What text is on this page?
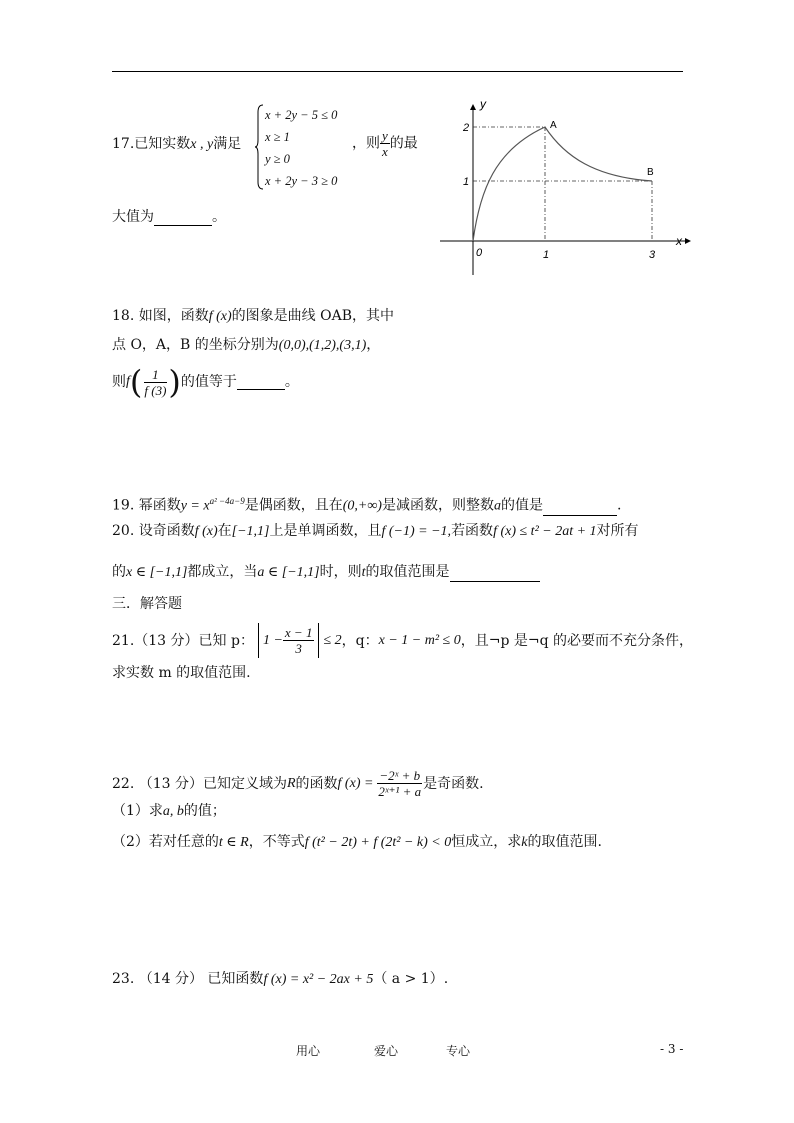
17.已知实数x , y满足
x + 2y − 5 ≤ 0
x ≥ 1
y ≥ 0
x + 2y − 3 ≥ 0
，则 $\frac{y}{x}$ 的最
大值为	。
y
x
0	1	3
2
1
A
B
18. 如图，函数f (x)的图象是曲线 OAB，其中
点 O，A，B 的坐标分别为(0,0),(1,2),(3,1)，
则 f ( $\frac{1}{f (3)}$ ) 的值等于	。
19. 幂函数$y = x^{a^2 -4a-9}$是偶函数，且在(0,+∞)是减函数，则整数a的值是	.
20. 设奇函数f (x)在[−1,1]上是单调函数，且f (−1) = −1,若函数f (x) ≤ t² − 2at + 1对所有
的x ∈ [−1,1]都成立，当a ∈ [−1,1]时，则t的取值范围是
三．解答题
21.（13 分）已知 p： $1 - \frac{x - 1}{3} \le 2$ ，q： x − 1 − m² ≤ 0 ，且¬p 是¬q 的必要而不充分条件，
求实数 m 的取值范围.
22. （13 分）已知定义域为 R 的函数 f $(x) = \frac{\text{−2ˣ + b}}{\text{2ˣ⁺¹ + a}}$ 是奇函数.
（1）求a, b的值；
（2）若对任意的t ∈ R，不等式f (t² − 2t) + f (2t² − k) < 0恒成立，求k的取值范围.
23. （14 分） 已知函数f (x) = x² − 2ax + 5（ a > 1）.
用心	爱心	专心	- 3 -
